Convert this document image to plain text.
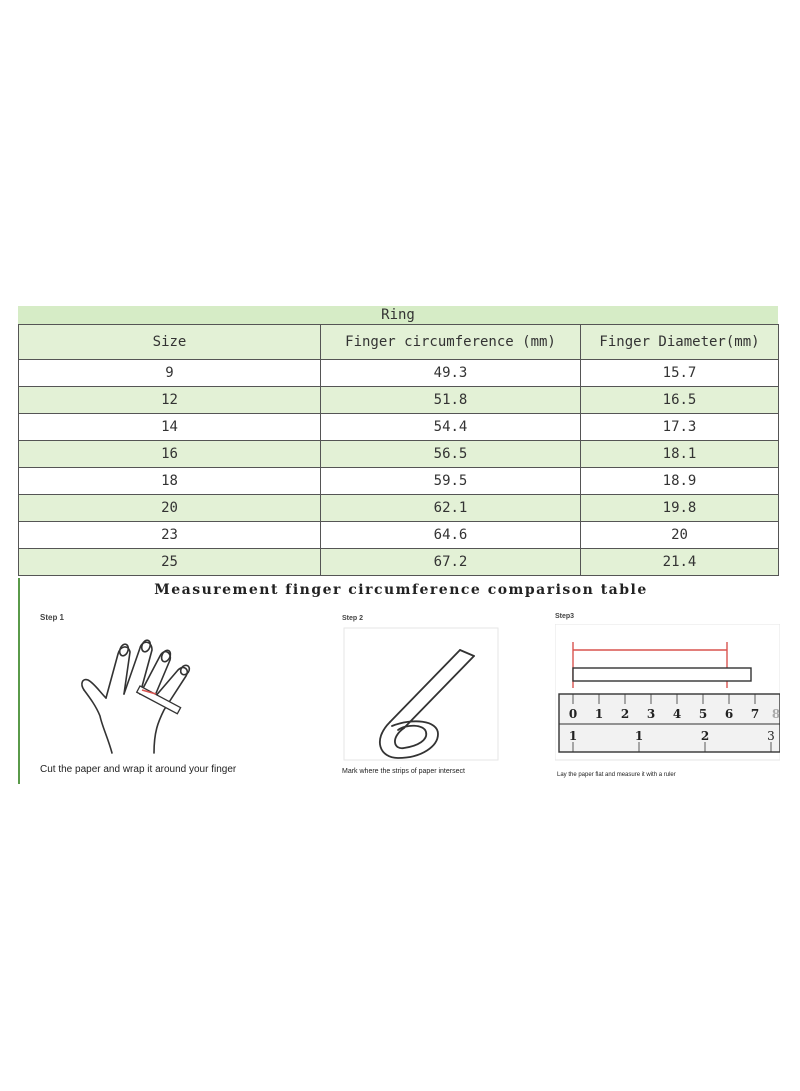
Ring
Size	Finger circumference (mm)	Finger Diameter(mm)
9	49.3	15.7
12	51.8	16.5
14	54.4	17.3
16	56.5	18.1
18	59.5	18.9
20	62.1	19.8
23	64.6	20
25	67.2	21.4
Measurement finger circumference comparison table
Step 1
Cut the paper and wrap it around your finger
Step 2
Mark where the strips of paper intersect
Step3
0 1 2 3 4 5 6 7 8
1	1	2	3
Lay the paper flat and measure it with a ruler
